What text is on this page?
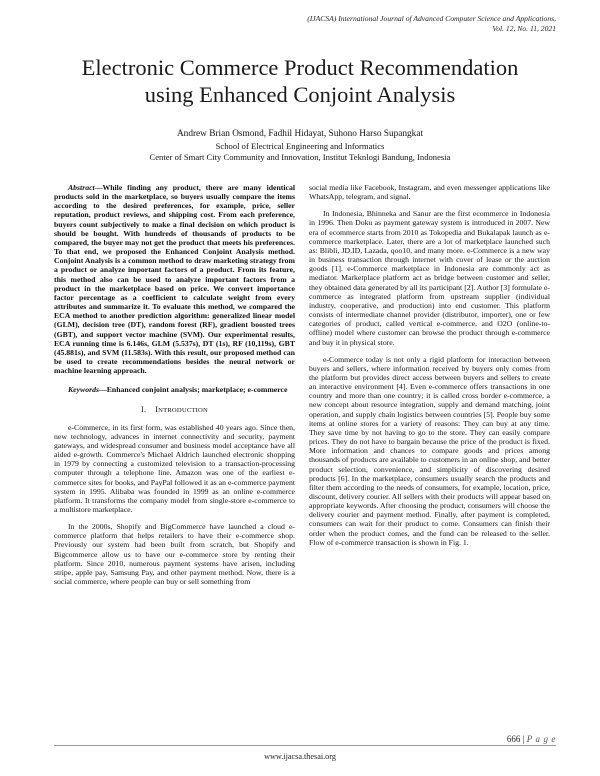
(IJACSA) International Journal of Advanced Computer Science and Applications,
Vol. 12, No. 11, 2021
Electronic Commerce Product Recommendation
using Enhanced Conjoint Analysis
Andrew Brian Osmond, Fadhil Hidayat, Suhono Harso Supangkat
School of Electrical Engineering and Informatics
Center of Smart City Community and Innovation, Institut Teknlogi Bandung, Indonesia

Abstract—While finding any product, there are many identical products sold in the marketplace, so buyers usually compare the items according to the desired preferences, for example, price, seller reputation, product reviews, and shipping cost. From each preference, buyers count subjectively to make a final decision on which product is should be bought. With hundreds of thousands of products to be compared, the buyer may not get the product that meets his preferences. To that end, we proposed the Enhanced Conjoint Analysis method. Conjoint Analysis is a common method to draw marketing strategy from a product or analyze important factors of a product. From its feature, this method also can be used to analyze important factors from a product in the marketplace based on price. We convert importance factor percentage as a coefficient to calculate weight from every attributes and summarize it. To evaluate this method, we compared the ECA method to another prediction algorithm: generalized linear model (GLM), decision tree (DT), random forest (RF), gradient boosted trees (GBT), and support vector machine (SVM). Our experimental results, ECA running time is 6.146s, GLM (5.537s), DT (1s), RF (10,119s), GBT (45.881s), and SVM (11.583s). With this result, our proposed method can be used to create recommendations besides the neural network or machine learning approach.

Keywords—Enhanced conjoint analysis; marketplace; e-commerce

I. INTRODUCTION

e-Commerce, in its first form, was established 40 years ago. Since then, new technology, advances in internet connectivity and security, payment gateways, and widespread consumer and business model acceptance have all aided e-growth. Commerce's Michael Aldrich launched electronic shopping in 1979 by connecting a customized television to a transaction-processing computer through a telephone line. Amazon was one of the earliest e-commerce sites for books, and PayPal followed it as an e-commerce payment system in 1995. Alibaba was founded in 1999 as an online e-commerce platform. It transforms the company model from single-store e-commerce to a multistore marketplace.

In the 2000s, Shopify and BigCommerce have launched a cloud e-commerce platform that helps retailers to have their e-commerce shop. Previously our system had been built from scratch, but Shopify and Bigcommerce allow us to have our e-commerce store by renting their platform. Since 2010, numerous payment systems have arisen, including stripe, apple pay, Samsung Pay, and other payment method. Now, there is a social commerce, where people can buy or sell something from

social media like Facebook, Instagram, and even messenger applications like WhatsApp, telegram, and signal.

In Indonesia, Bhinneka and Sanur are the first ecommerce in Indonesia in 1996. Then Doku as payment gateway system is introduced in 2007. New era of ecommerce starts from 2010 as Tokopedia and Bukalapak launch as e-commerce marketplace. Later, there are a lot of marketplace launched such as: Blibli, JD.ID, Lazada, qoo10, and many more. e-Commerce is a new way in business transaction through internet with cover of lease or the auction goods [1]. e-Commerce marketplace in Indonesia are commonly act as mediator. Marketplace platform act as bridge between customer and seller, they obtained data generated by all its participant [2]. Author [3] formulate e-commerce as integrated platform from upstream supplier (individual industry, cooperative, and production) into end customer. This platform consists of intermediate channel provider (distributor, importer), one or few categories of product, called vertical e-commerce, and O2O (online-to-offline) model where customer can browse the product through e-commerce and buy it in physical store.

e-Commerce today is not only a rigid platform for interaction between buyers and sellers, where information received by buyers only comes from the platform but provides direct access between buyers and sellers to create an interactive environment [4]. Even e-commerce offers transactions in one country and more than one country; it is called cross border e-commerce, a new concept about resource integration, supply and demand matching, joint operation, and supply chain logistics between countries [5]. People buy some items at online stores for a variety of reasons: They can buy at any time. They save time by not having to go to the store. They can easily compare prices. They do not have to bargain because the price of the product is fixed. More information and chances to compare goods and prices among thousands of products are available to customers in an online shop, and better product selection, convenience, and simplicity of discovering desired products [6]. In the marketplace, consumers usually search the products and filter them according to the needs of consumers, for example, location, price, discount, delivery courier. All sellers with their products will appear based on appropriate keywords. After choosing the product, consumers will choose the delivery courier and payment method. Finally, after payment is completed, consumers can wait for their product to come. Consumers can finish their order when the product comes, and the fund can be released to the seller. Flow of e-commerce transaction is shown in Fig. 1.

666 | P a g e
www.ijacsa.thesai.org
